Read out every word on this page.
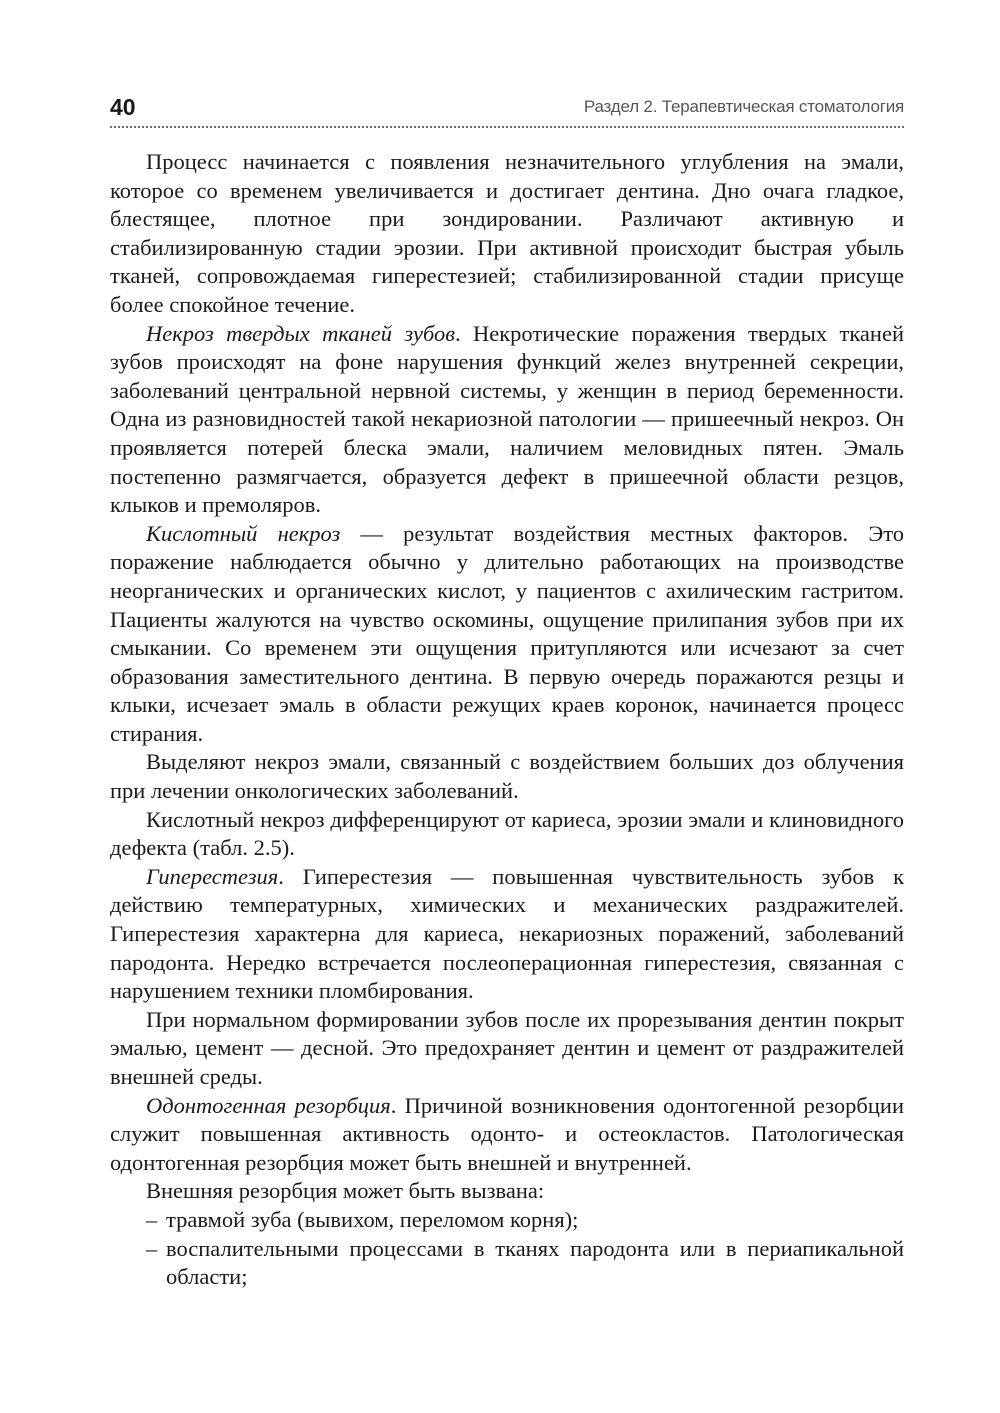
40	Раздел 2. Терапевтическая стоматология

Процесс начинается с появления незначительного углубления на эмали, которое со временем увеличивается и достигает дентина. Дно очага гладкое, блестящее, плотное при зондировании. Различают активную и стабилизированную стадии эрозии. При активной происходит быстрая убыль тканей, сопровождаемая гиперестезией; стабилизированной стадии присуще более спокойное течение.

Некроз твердых тканей зубов. Некротические поражения твердых тканей зубов происходят на фоне нарушения функций желез внутренней секреции, заболеваний центральной нервной системы, у женщин в период беременности. Одна из разновидностей такой некариозной патологии — пришеечный некроз. Он проявляется потерей блеска эмали, наличием меловидных пятен. Эмаль постепенно размягчается, образуется дефект в пришеечной области резцов, клыков и премоляров.

Кислотный некроз — результат воздействия местных факторов. Это поражение наблюдается обычно у длительно работающих на производстве неорганических и органических кислот, у пациентов с ахилическим гастритом. Пациенты жалуются на чувство оскомины, ощущение прилипания зубов при их смыкании. Со временем эти ощущения притупляются или исчезают за счет образования заместительного дентина. В первую очередь поражаются резцы и клыки, исчезает эмаль в области режущих краев коронок, начинается процесс стирания.

Выделяют некроз эмали, связанный с воздействием больших доз облучения при лечении онкологических заболеваний.

Кислотный некроз дифференцируют от кариеса, эрозии эмали и клиновидного дефекта (табл. 2.5).

Гиперестезия. Гиперестезия — повышенная чувствительность зубов к действию температурных, химических и механических раздражителей. Гиперестезия характерна для кариеса, некариозных поражений, заболеваний пародонта. Нередко встречается послеоперационная гиперестезия, связанная с нарушением техники пломбирования.

При нормальном формировании зубов после их прорезывания дентин покрыт эмалью, цемент — десной. Это предохраняет дентин и цемент от раздражителей внешней среды.

Одонтогенная резорбция. Причиной возникновения одонтогенной резорбции служит повышенная активность одонто- и остеокластов. Патологическая одонтогенная резорбция может быть внешней и внутренней.

Внешняя резорбция может быть вызвана:

– травмой зуба (вывихом, переломом корня);
– воспалительными процессами в тканях пародонта или в периапикальной области;
